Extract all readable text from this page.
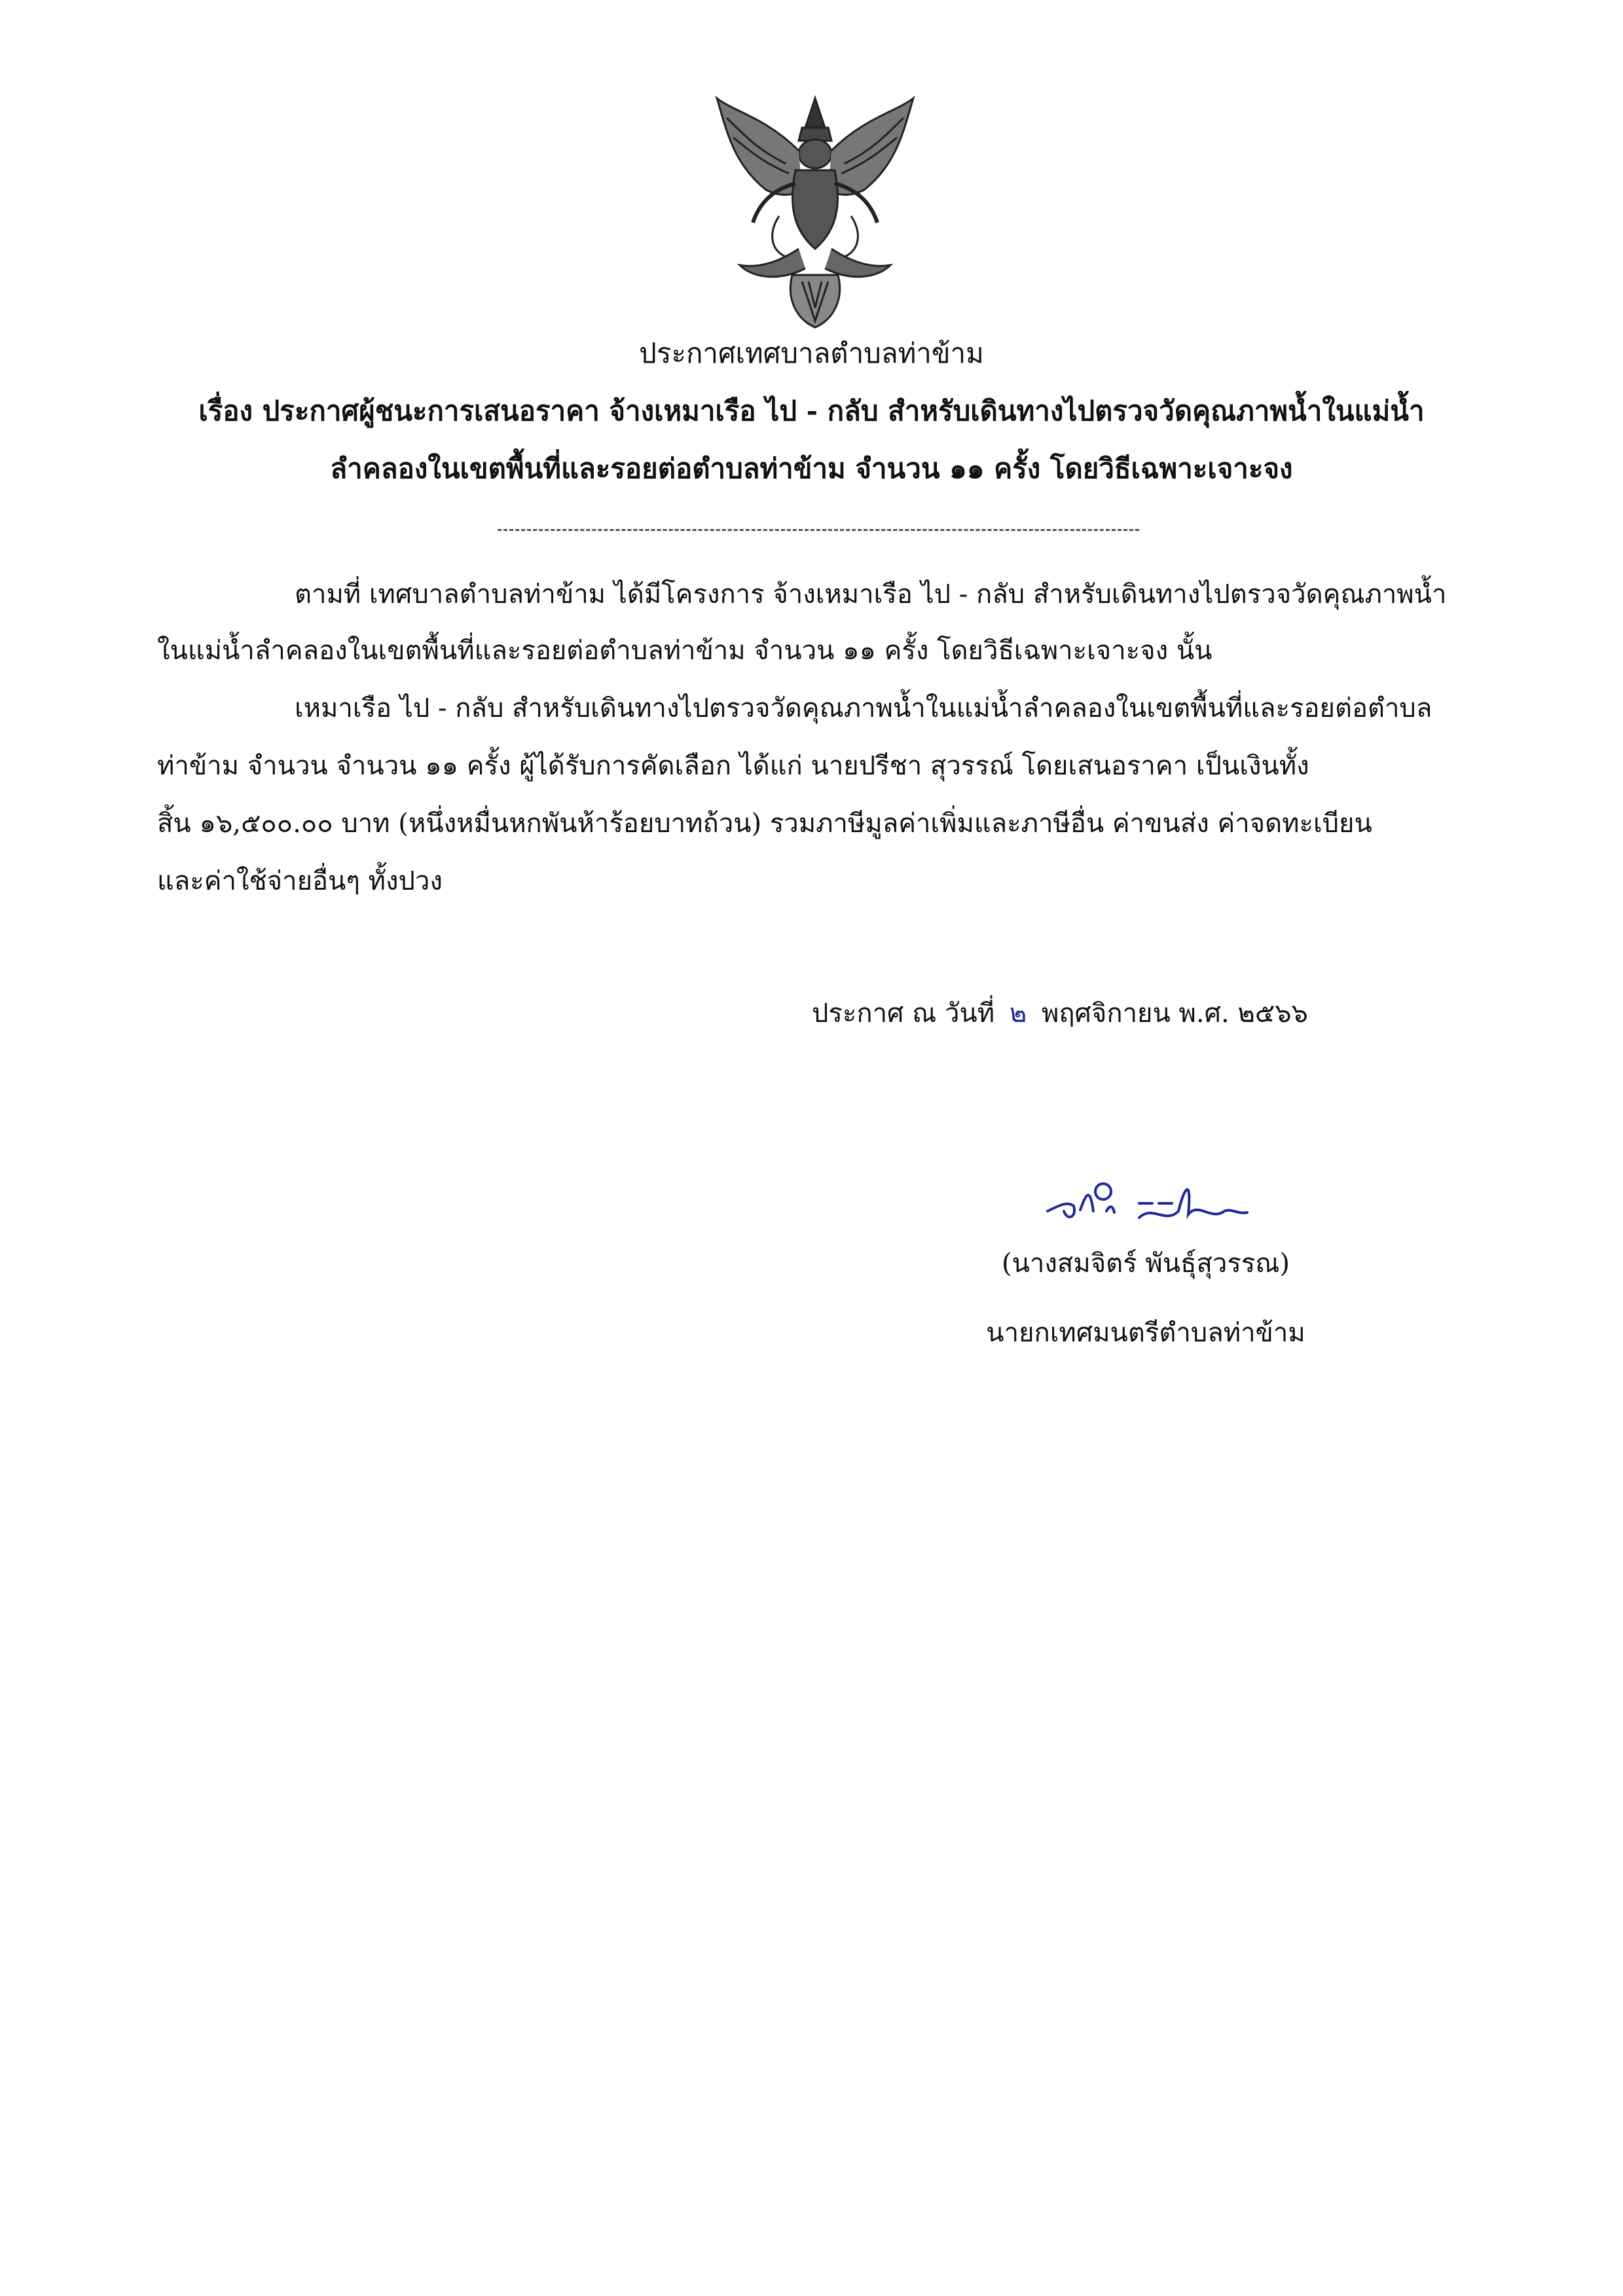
ประกาศเทศบาลตำบลท่าข้าม
เรื่อง ประกาศผู้ชนะการเสนอราคา จ้างเหมาเรือ ไป - กลับ สำหรับเดินทางไปตรวจวัดคุณภาพน้ำในแม่น้ำ
ลำคลองในเขตพื้นที่และรอยต่อตำบลท่าข้าม จำนวน ๑๑ ครั้ง โดยวิธีเฉพาะเจาะจง
ตามที่ เทศบาลตำบลท่าข้าม ได้มีโครงการ จ้างเหมาเรือ ไป - กลับ สำหรับเดินทางไปตรวจวัดคุณภาพน้ำ
ในแม่น้ำลำคลองในเขตพื้นที่และรอยต่อตำบลท่าข้าม จำนวน ๑๑ ครั้ง โดยวิธีเฉพาะเจาะจง นั้น
เหมาเรือ ไป - กลับ สำหรับเดินทางไปตรวจวัดคุณภาพน้ำในแม่น้ำลำคลองในเขตพื้นที่และรอยต่อตำบล
ท่าข้าม จำนวน จำนวน ๑๑ ครั้ง ผู้ได้รับการคัดเลือก ได้แก่ นายปรีชา สุวรรณ์ โดยเสนอราคา เป็นเงินทั้ง
สิ้น ๑๖,๕๐๐.๐๐ บาท (หนึ่งหมื่นหกพันห้าร้อยบาทถ้วน) รวมภาษีมูลค่าเพิ่มและภาษีอื่น ค่าขนส่ง ค่าจดทะเบียน
และค่าใช้จ่ายอื่นๆ ทั้งปวง
ประกาศ ณ วันที่ ๒ พฤศจิกายน พ.ศ. ๒๕๖๖
(นางสมจิตร์ พันธุ์สุวรรณ)
นายกเทศมนตรีตำบลท่าข้าม
